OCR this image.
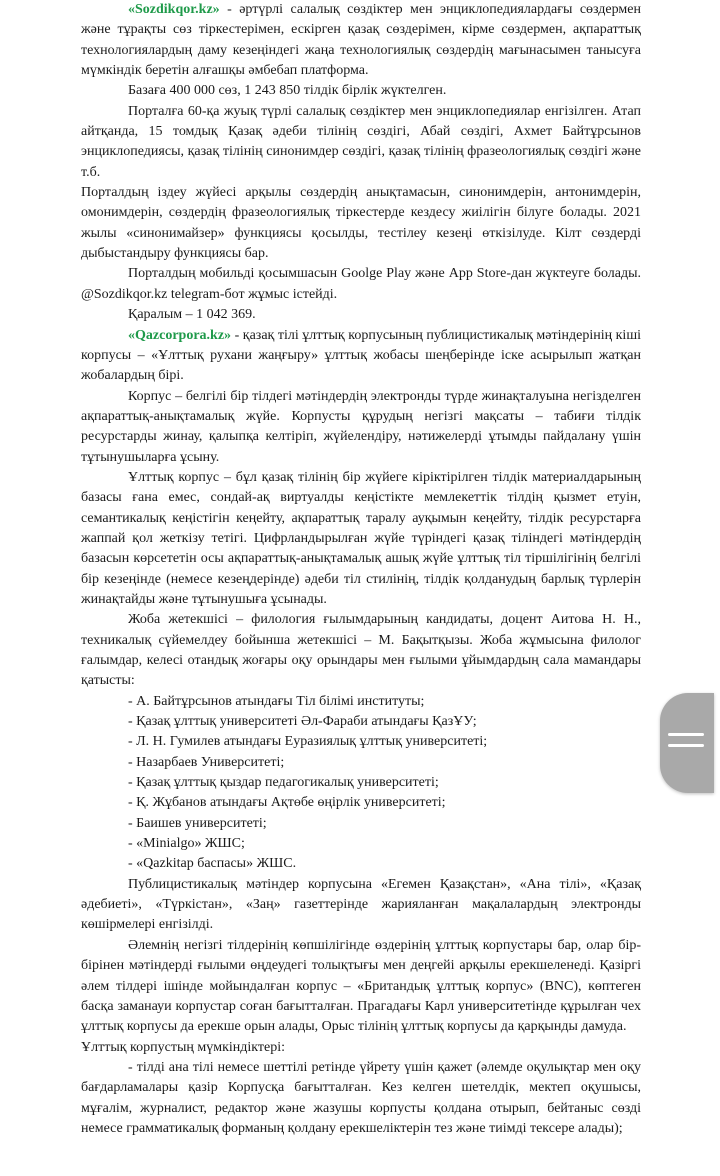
«Sozdikqor.kz» - әртүрлі салалық сөздіктер мен энциклопедиялардағы сөздермен және тұрақты сөз тіркестерімен, ескірген қазақ сөздерімен, кірме сөздермен, ақпараттық технологиялардың даму кезеңіндегі жаңа технологиялық сөздердің мағынасымен танысуға мүмкіндік беретін алғашқы әмбебап платформа.

Базаға 400 000 сөз, 1 243 850 тілдік бірлік жүктелген.

Порталға 60-қа жуық түрлі салалық сөздіктер мен энциклопедиялар енгізілген. Атап айтқанда, 15 томдық Қазақ әдеби тілінің сөздігі, Абай сөздігі, Ахмет Байтұрсынов энциклопедиясы, қазақ тілінің синонимдер сөздігі, қазақ тілінің фразеологиялық сөздігі және т.б.

Порталдың іздеу жүйесі арқылы сөздердің анықтамасын, синонимдерін, антонимдерін, омонимдерін, сөздердің фразеологиялық тіркестерде кездесу жиілігін білуге болады. 2021 жылы «синонимайзер» функциясы қосылды, тестілеу кезеңі өткізілуде. Кілт сөздерді дыбыстандыру функциясы бар.

Порталдың мобильді қосымшасын Goolge Play және App Store-дан жүктеуге болады. @Sozdikqor.kz telegram-бот жұмыс істейді.

Қаралым – 1 042 369.

«Qazcorpora.kz» - қазақ тілі ұлттық корпусының публицистикалық мәтіндерінің кіші корпусы – «Ұлттық рухани жаңғыру» ұлттық жобасы шеңберінде іске асырылып жатқан жобалардың бірі.

Корпус – белгілі бір тілдегі мәтіндердің электронды түрде жинақталуына негізделген ақпараттық-анықтамалық жүйе. Корпусты құрудың негізгі мақсаты – табиғи тілдік ресурстарды жинау, қалыпқа келтіріп, жүйелендіру, нәтижелерді ұтымды пайдалану үшін тұтынушыларға ұсыну.

Ұлттық корпус – бұл қазақ тілінің бір жүйеге кіріктірілген тілдік материалдарының базасы ғана емес, сондай-ақ виртуалды кеңістікте мемлекеттік тілдің қызмет етуін, семантикалық кеңістігін кеңейту, ақпараттық таралу ауқымын кеңейту, тілдік ресурстарға жаппай қол жеткізу тетігі. Цифрландырылған жүйе түріндегі қазақ тіліндегі мәтіндердің базасын көрсететін осы ақпараттық-анықтамалық ашық жүйе ұлттық тіл тіршілігінің белгілі бір кезеңінде (немесе кезеңдерінде) әдеби тіл стилінің, тілдік қолданудың барлық түрлерін жинақтайды және тұтынушыға ұсынады.

Жоба жетекшісі – филология ғылымдарының кандидаты, доцент Аитова Н. Н., техникалық сүйемелдеу бойынша жетекшісі – М. Бақытқызы. Жоба жұмысына филолог ғалымдар, келесі отандық жоғары оқу орындары мен ғылыми ұйымдардың сала мамандары қатысты:

- А. Байтұрсынов атындағы Тіл білімі институты;

- Қазақ ұлттық университеті Әл-Фараби атындағы ҚазҰУ;

- Л. Н. Гумилев атындағы Еуразиялық ұлттық университеті;

- Назарбаев Университеті;

- Қазақ ұлттық қыздар педагогикалық университеті;

- Қ. Жұбанов атындағы Ақтөбе өңірлік университеті;

- Баишев университеті;

- «Minialgo» ЖШС;

- «Qazkitap баспасы» ЖШС.

Публицистикалық мәтіндер корпусына «Егемен Қазақстан», «Ана тілі», «Қазақ әдебиеті», «Түркістан», «Заң» газеттерінде жарияланған мақалалардың электронды көшірмелері енгізілді.

Әлемнің негізгі тілдерінің көпшілігінде өздерінің ұлттық корпустары бар, олар бір-бірінен мәтіндерді ғылыми өңдеудегі толықтығы мен деңгейі арқылы ерекшеленеді. Қазіргі әлем тілдері ішінде мойындалған корпус – «Британдық ұлттық корпус» (BNC), көптеген басқа заманауи корпустар соған бағытталған. Прагадағы Карл университетінде құрылған чех ұлттық корпусы да ерекше орын алады, Орыс тілінің ұлттық корпусы да қарқынды дамуда.

Ұлттық корпустың мүмкіндіктері:

- тілді ана тілі немесе шеттілі ретінде үйрету үшін қажет (әлемде оқулықтар мен оқу бағдарламалары қазір Корпусқа бағытталған. Кез келген шетелдік, мектеп оқушысы, мұғалім, журналист, редактор және жазушы корпусты қолдана отырып, бейтаныс сөзді немесе грамматикалық форманың қолдану ерекшеліктерін тез және тиімді тексере алады);
